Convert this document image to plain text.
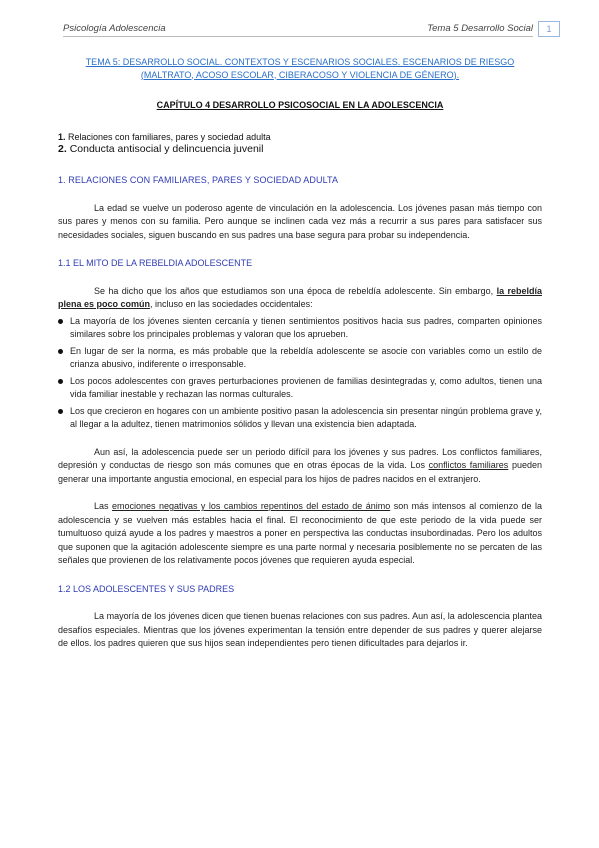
Psicología Adolescencia	Tema 5 Desarrollo Social	1
TEMA 5: DESARROLLO SOCIAL. CONTEXTOS Y ESCENARIOS SOCIALES. ESCENARIOS DE RIESGO
(MALTRATO, ACOSO ESCOLAR, CIBERACOSO Y VIOLENCIA DE GÉNERO).
CAPÍTULO 4 DESARROLLO PSICOSOCIAL EN LA ADOLESCENCIA
1. Relaciones con familiares, pares y sociedad adulta
2. Conducta antisocial y delincuencia juvenil
1. RELACIONES CON FAMILIARES, PARES Y SOCIEDAD ADULTA
La edad se vuelve un poderoso agente de vinculación en la adolescencia. Los jóvenes pasan más tiempo con sus pares y menos con su familia. Pero aunque se inclinen cada vez más a recurrir a sus pares para satisfacer sus necesidades sociales, siguen buscando en sus padres una base segura para probar su independencia.
1.1 EL MITO DE LA REBELDIA ADOLESCENTE
Se ha dicho que los años que estudiamos son una época de rebeldía adolescente. Sin embargo, la rebeldía plena es poco común, incluso en las sociedades occidentales:
La mayoría de los jóvenes sienten cercanía y tienen sentimientos positivos hacia sus padres, comparten opiniones similares sobre los principales problemas y valoran que los aprueben.
En lugar de ser la norma, es más probable que la rebeldía adolescente se asocie con variables como un estilo de crianza abusivo, indiferente o irresponsable.
Los pocos adolescentes con graves perturbaciones provienen de familias desintegradas y, como adultos, tienen una vida familiar inestable y rechazan las normas culturales.
Los que crecieron en hogares con un ambiente positivo pasan la adolescencia sin presentar ningún problema grave y, al llegar a la adultez, tienen matrimonios sólidos y llevan una existencia bien adaptada.
Aun así, la adolescencia puede ser un periodo difícil para los jóvenes y sus padres. Los conflictos familiares, depresión y conductas de riesgo son más comunes que en otras épocas de la vida. Los conflictos familiares pueden generar una importante angustia emocional, en especial para los hijos de padres nacidos en el extranjero.
Las emociones negativas y los cambios repentinos del estado de ánimo son más intensos al comienzo de la adolescencia y se vuelven más estables hacia el final. El reconocimiento de que este periodo de la vida puede ser tumultuoso quizá ayude a los padres y maestros a poner en perspectiva las conductas insubordinadas. Pero los adultos que suponen que la agitación adolescente siempre es una parte normal y necesaria posiblemente no se percaten de las señales que provienen de los relativamente pocos jóvenes que requieren ayuda especial.
1.2 LOS ADOLESCENTES Y SUS PADRES
La mayoría de los jóvenes dicen que tienen buenas relaciones con sus padres. Aun así, la adolescencia plantea desafíos especiales. Mientras que los jóvenes experimentan la tensión entre depender de sus padres y querer alejarse de ellos. los padres quieren que sus hijos sean independientes pero tienen dificultades para dejarlos ir.
